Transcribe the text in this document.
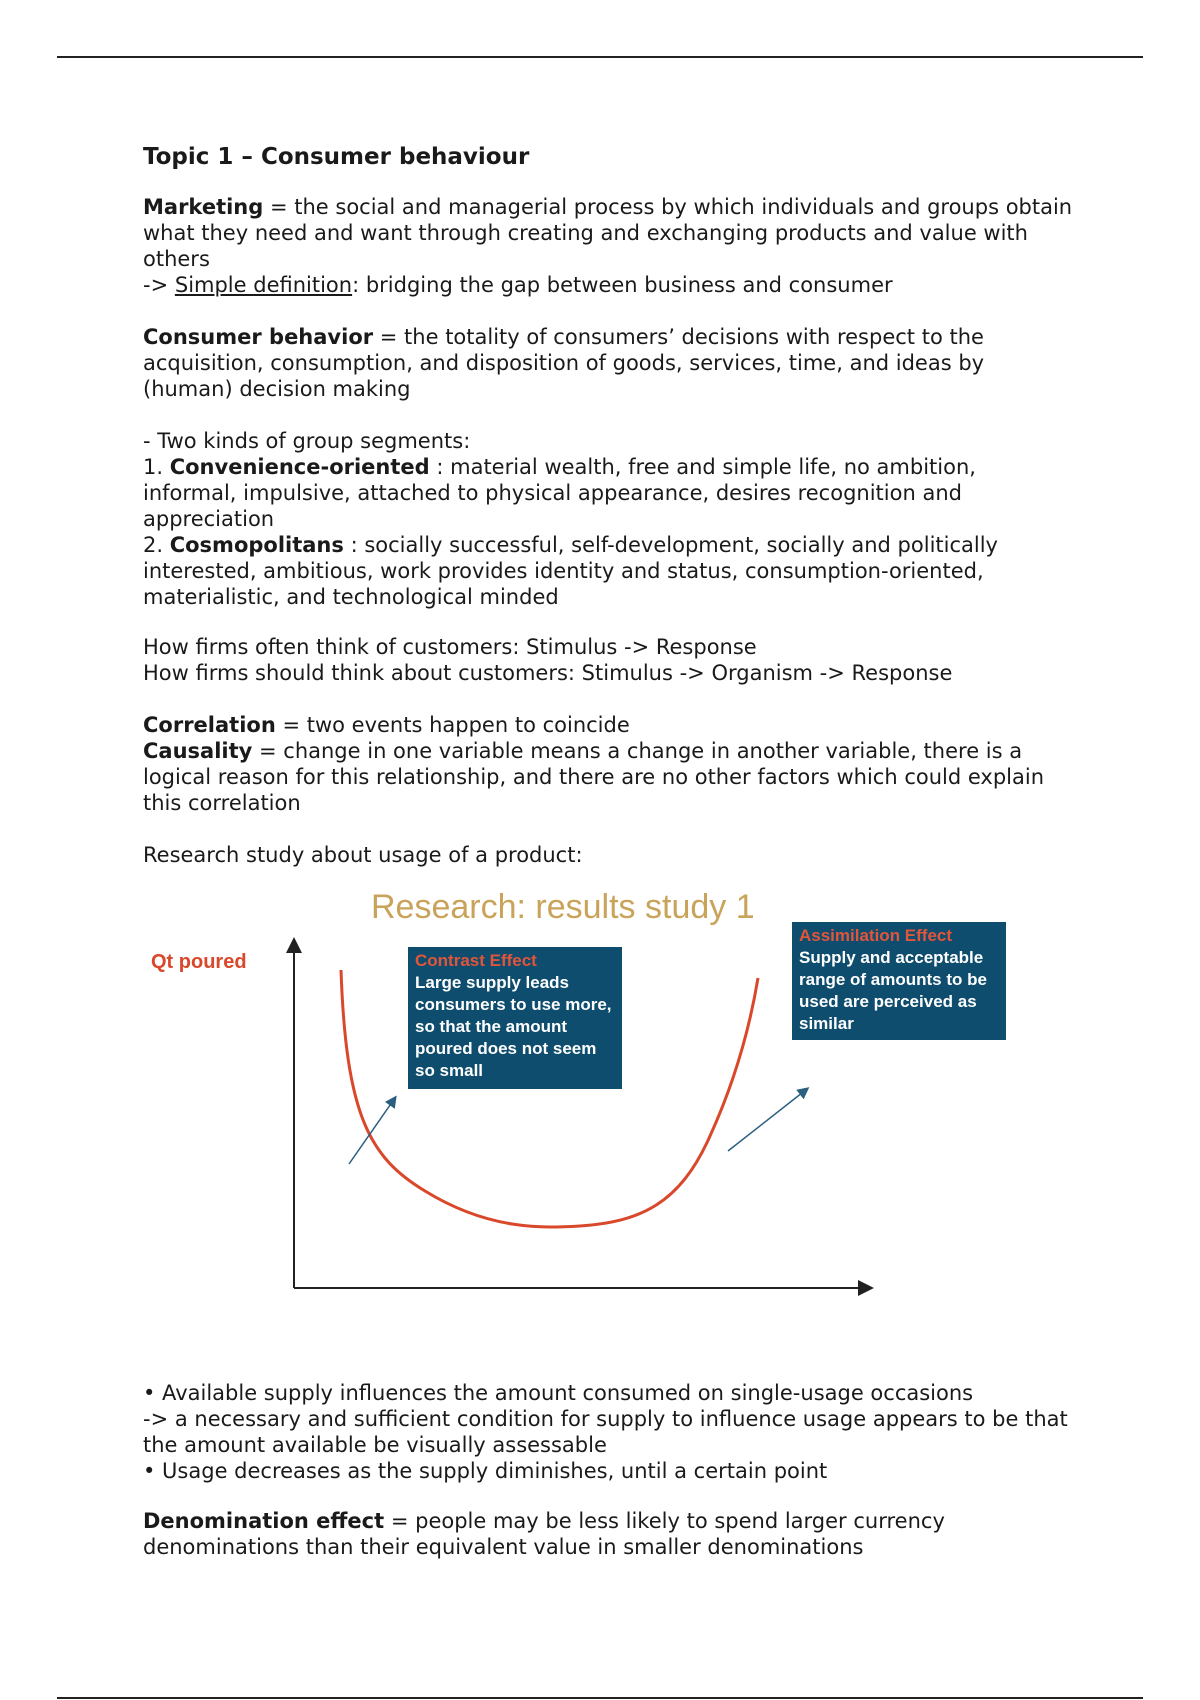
Topic 1 – Consumer behaviour

Marketing = the social and managerial process by which individuals and groups obtain what they need and want through creating and exchanging products and value with others

-> Simple definition: bridging the gap between business and consumer

Consumer behavior = the totality of consumers’ decisions with respect to the acquisition, consumption, and disposition of goods, services, time, and ideas by (human) decision making

- Two kinds of group segments:

1. Convenience-oriented : material wealth, free and simple life, no ambition, informal, impulsive, attached to physical appearance, desires recognition and appreciation

2. Cosmopolitans : socially successful, self-development, socially and politically interested, ambitious, work provides identity and status, consumption-oriented, materialistic, and technological minded

How firms often think of customers: Stimulus -> Response

How firms should think about customers: Stimulus -> Organism -> Response

Correlation = two events happen to coincide

Causality = change in one variable means a change in another variable, there is a logical reason for this relationship, and there are no other factors which could explain this correlation

Research study about usage of a product:

Research: results study 1
Qt poured	Contrast Effect
Large supply leads consumers to use more, so that the amount poured does not seem so small
Assimilation Effect
Supply and acceptable range of amounts to be used are perceived as similar

• Available supply influences the amount consumed on single-usage occasions

-> a necessary and sufficient condition for supply to influence usage appears to be that the amount available be visually assessable

• Usage decreases as the supply diminishes, until a certain point

Denomination effect = people may be less likely to spend larger currency denominations than their equivalent value in smaller denominations
